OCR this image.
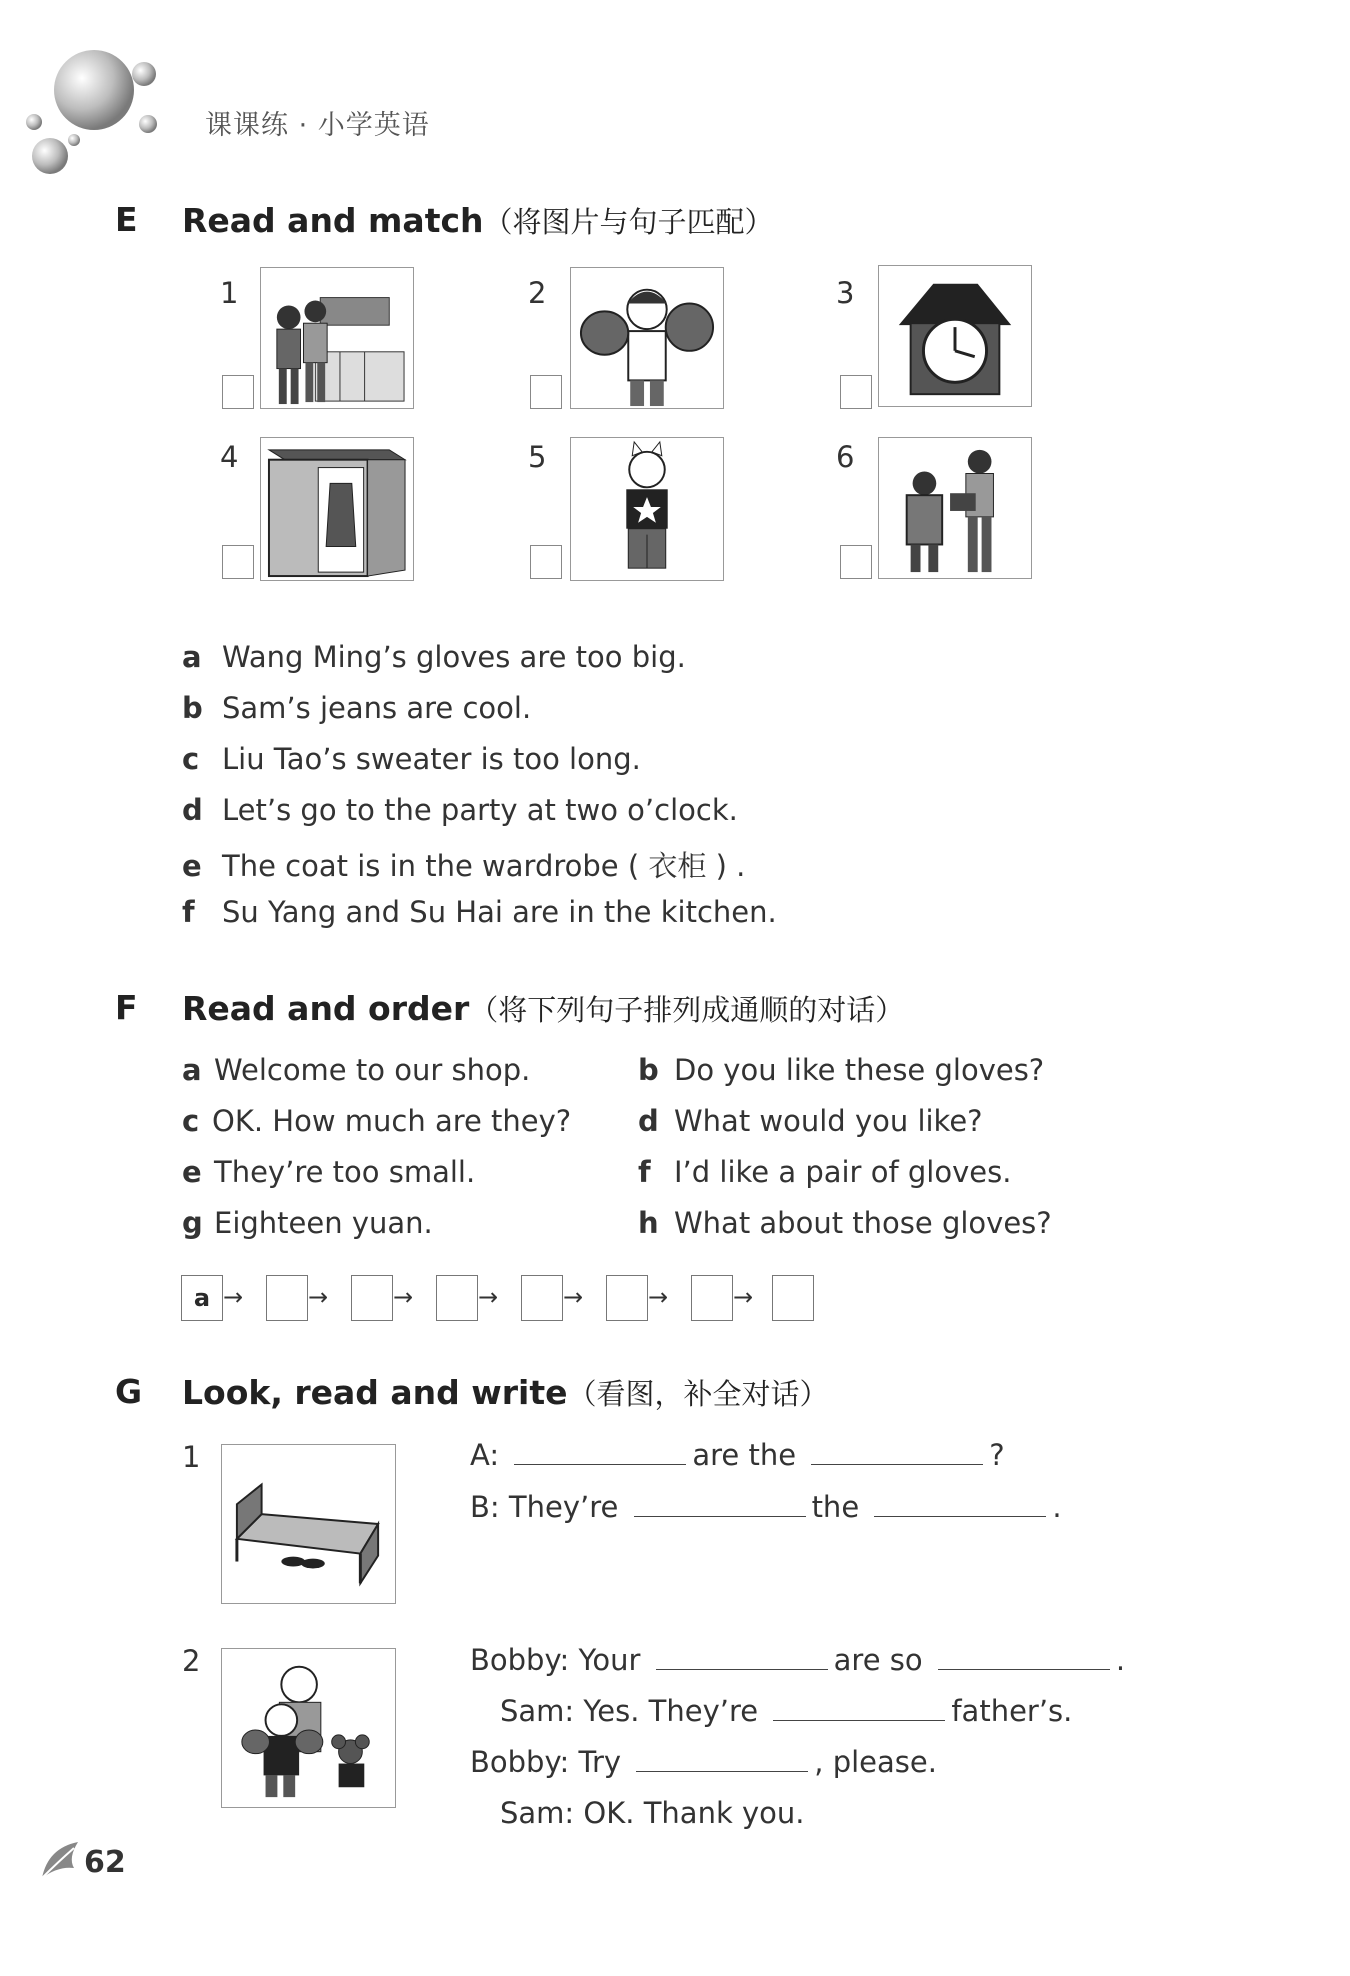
课课练 · 小学英语
E Read and match（将图片与句子匹配）
1	2	3
4	5	6
a Wang Ming’s gloves are too big.
b Sam’s jeans are cool.
c Liu Tao’s sweater is too long.
d Let’s go to the party at two o’clock.
e The coat is in the wardrobe ( 衣柜 ) .
f Su Yang and Su Hai are in the kitchen.
F Read and order（将下列句子排列成通顺的对话）
a Welcome to our shop.
c OK. How much are they?
e They’re too small.
g Eighteen yuan.
b Do you like these gloves?
d What would you like?
f I’d like a pair of gloves.
h What about those gloves?
a →	→	→	→	→	→	→
G Look, read and write（看图，补全对话）
1	A:	are the	?
B: They’re	the	.
2	Bobby: Your	are so	.
Sam: Yes. They’re	father’s.
Bobby: Try	, please.
Sam: OK. Thank you.
62
